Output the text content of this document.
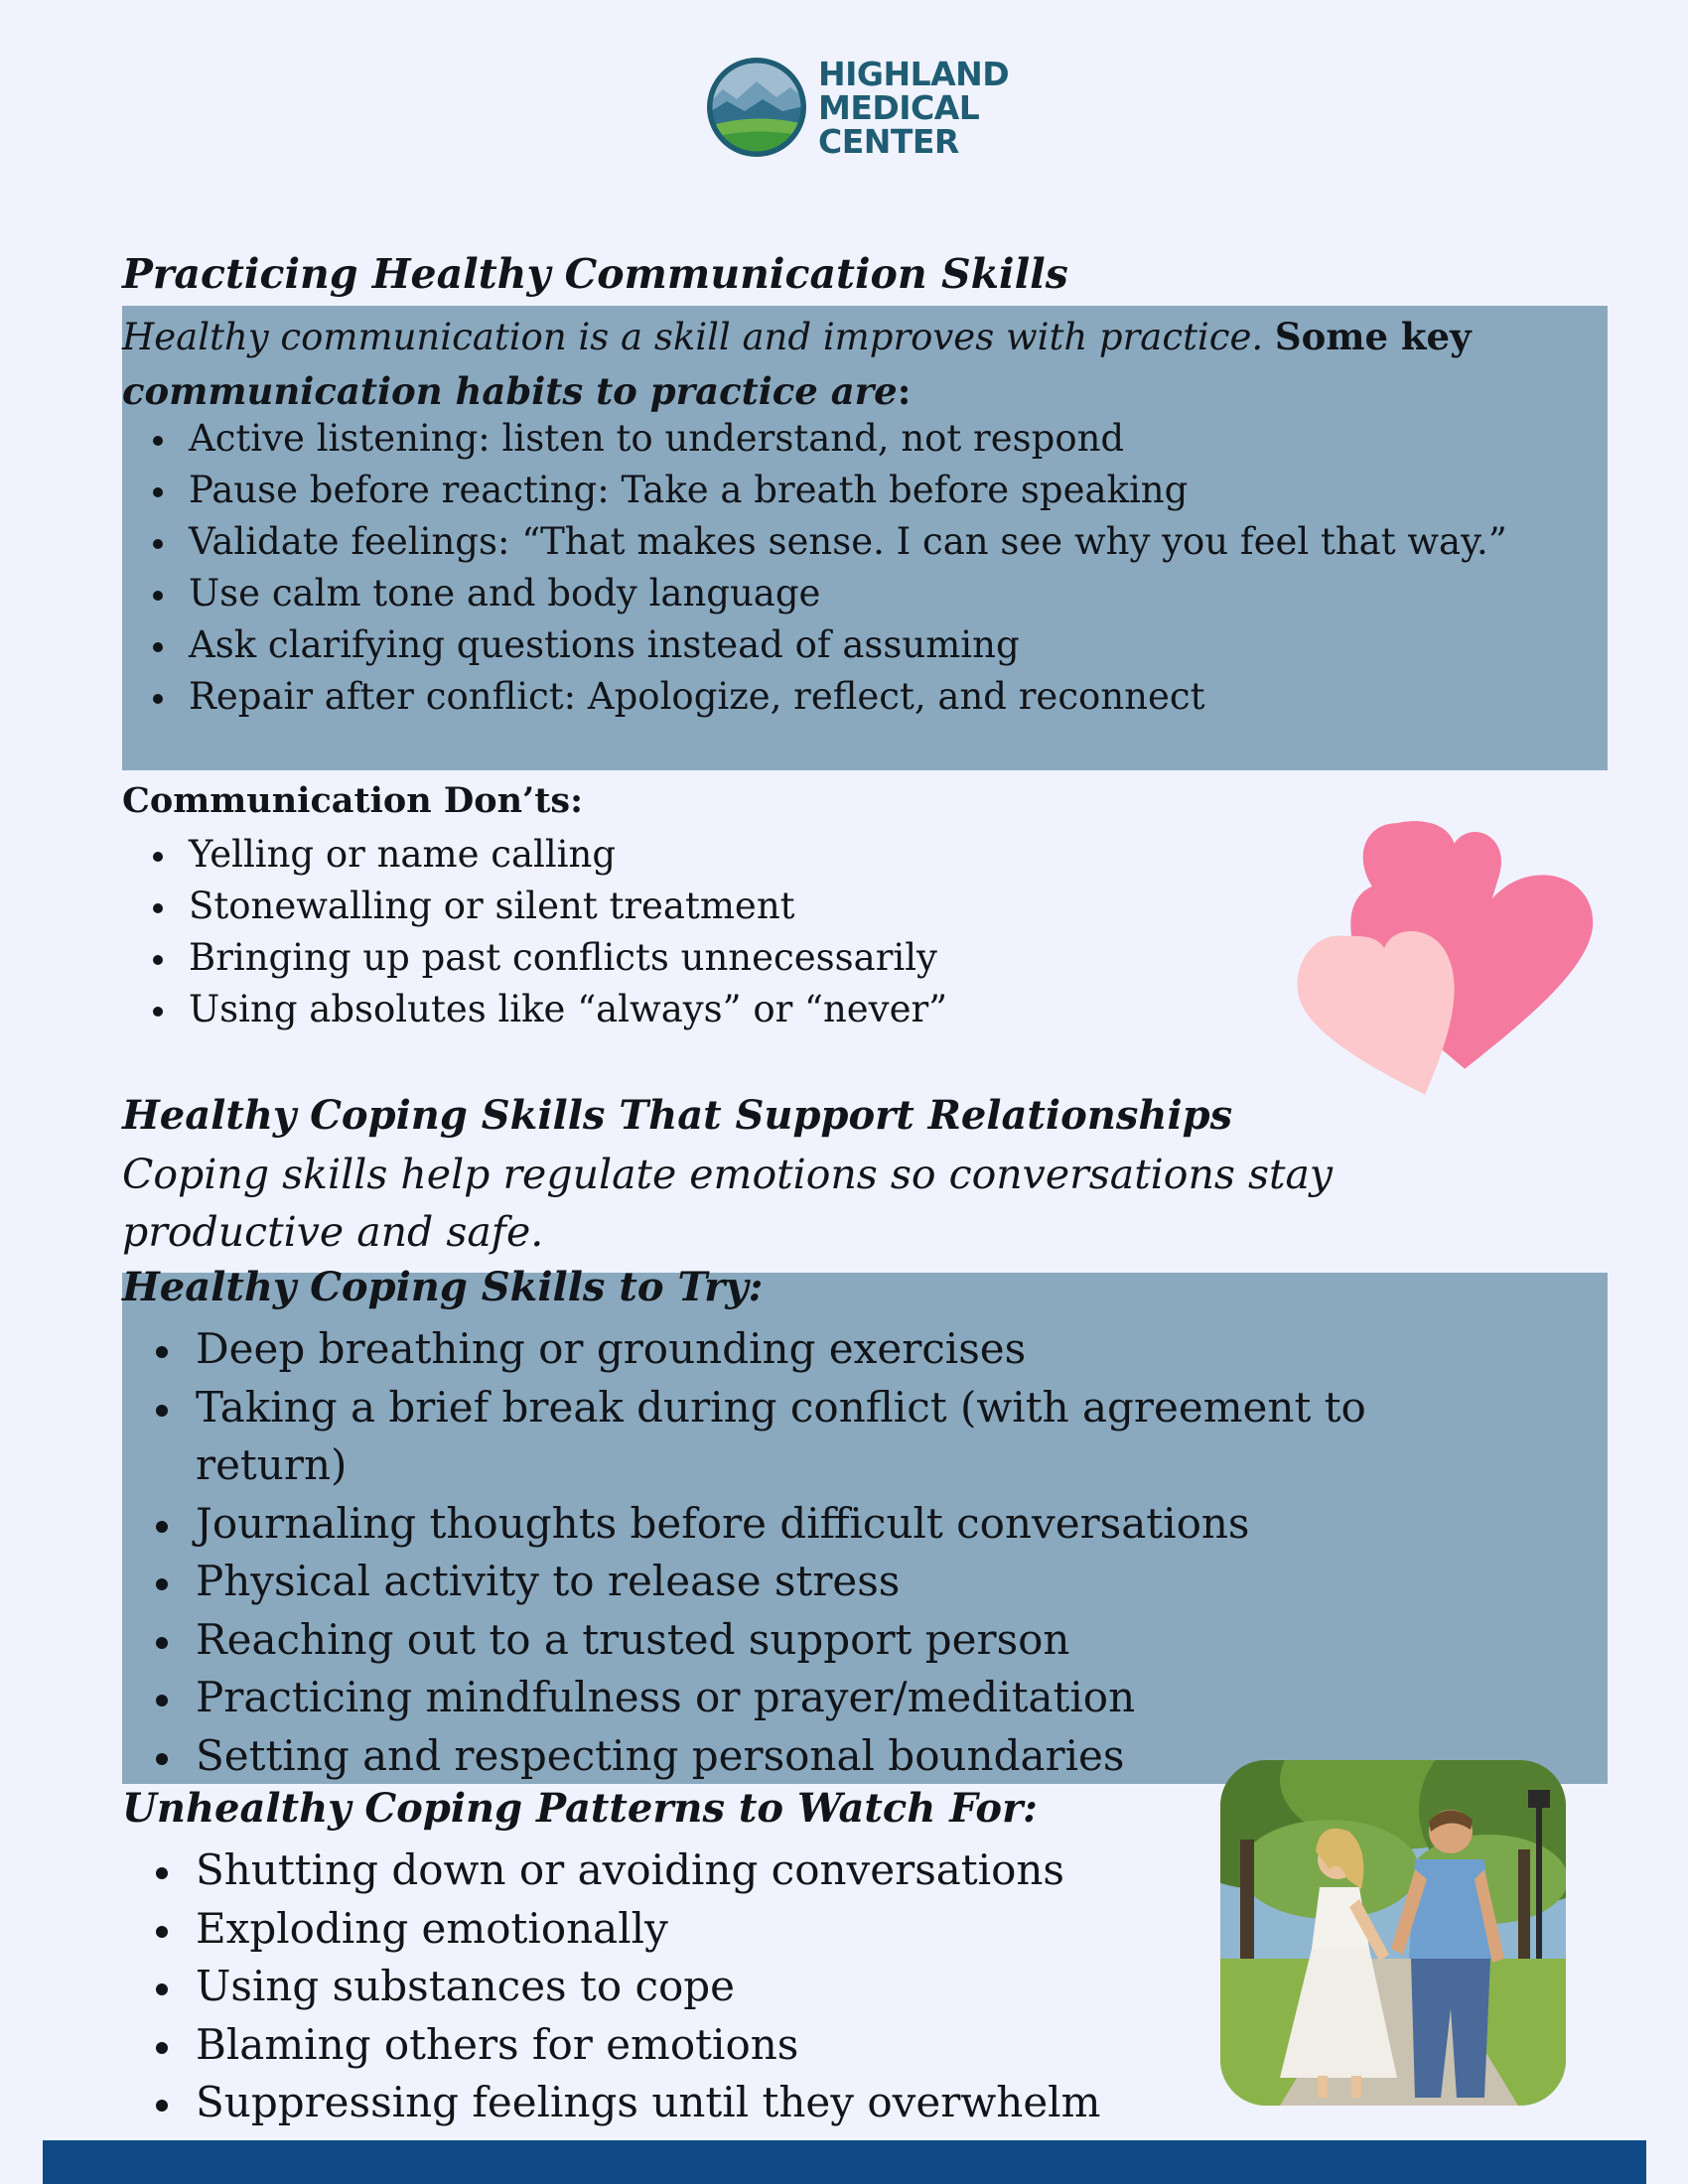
HIGHLAND
MEDICAL
CENTER
Practicing Healthy Communication Skills
Healthy communication is a skill and improves with practice. Some key
communication habits to practice are:
Active listening: listen to understand, not respond
Pause before reacting: Take a breath before speaking
Validate feelings: “That makes sense. I can see why you feel that way.”
Use calm tone and body language
Ask clarifying questions instead of assuming
Repair after conflict: Apologize, reflect, and reconnect
Communication Don’ts:
Yelling or name calling
Stonewalling or silent treatment
Bringing up past conflicts unnecessarily
Using absolutes like “always” or “never”
Healthy Coping Skills That Support Relationships
Coping skills help regulate emotions so conversations stay
productive and safe.
Healthy Coping Skills to Try:
Deep breathing or grounding exercises
Taking a brief break during conflict (with agreement to
return)
Journaling thoughts before difficult conversations
Physical activity to release stress
Reaching out to a trusted support person
Practicing mindfulness or prayer/meditation
Setting and respecting personal boundaries
Unhealthy Coping Patterns to Watch For:
Shutting down or avoiding conversations
Exploding emotionally
Using substances to cope
Blaming others for emotions
Suppressing feelings until they overwhelm
